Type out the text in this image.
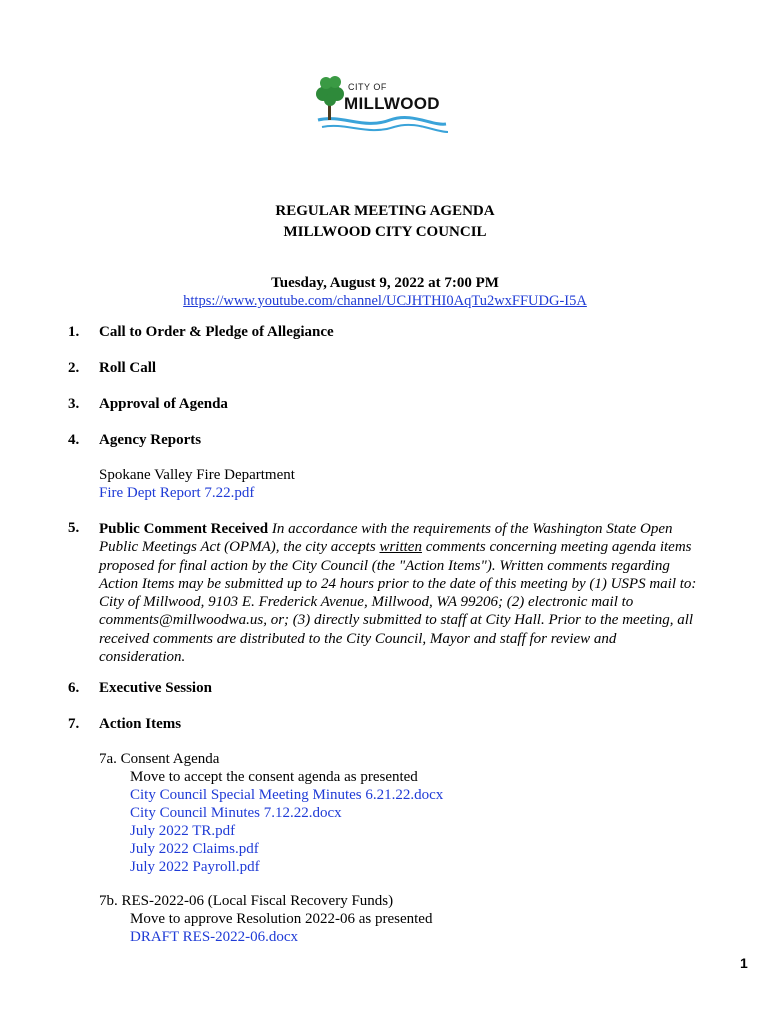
CITY OF
MILLWOOD
REGULAR MEETING AGENDA
MILLWOOD CITY COUNCIL
Tuesday, August 9, 2022 at 7:00 PM
https://www.youtube.com/channel/UCJHTHI0AqTu2wxFFUDG-I5A
1. Call to Order & Pledge of Allegiance
2. Roll Call
3. Approval of Agenda
4. Agency Reports
Spokane Valley Fire Department
Fire Dept Report 7.22.pdf
5. Public Comment Received In accordance with the requirements of the Washington State Open Public Meetings Act (OPMA), the city accepts written comments concerning meeting agenda items proposed for final action by the City Council (the "Action Items"). Written comments regarding Action Items may be submitted up to 24 hours prior to the date of this meeting by (1) USPS mail to: City of Millwood, 9103 E. Frederick Avenue, Millwood, WA 99206; (2) electronic mail to comments@millwoodwa.us, or; (3) directly submitted to staff at City Hall. Prior to the meeting, all received comments are distributed to the City Council, Mayor and staff for review and consideration.
6. Executive Session
7. Action Items
7a. Consent Agenda
Move to accept the consent agenda as presented
City Council Special Meeting Minutes 6.21.22.docx
City Council Minutes 7.12.22.docx
July 2022 TR.pdf
July 2022 Claims.pdf
July 2022 Payroll.pdf
7b. RES-2022-06 (Local Fiscal Recovery Funds)
Move to approve Resolution 2022-06 as presented
DRAFT RES-2022-06.docx
1
